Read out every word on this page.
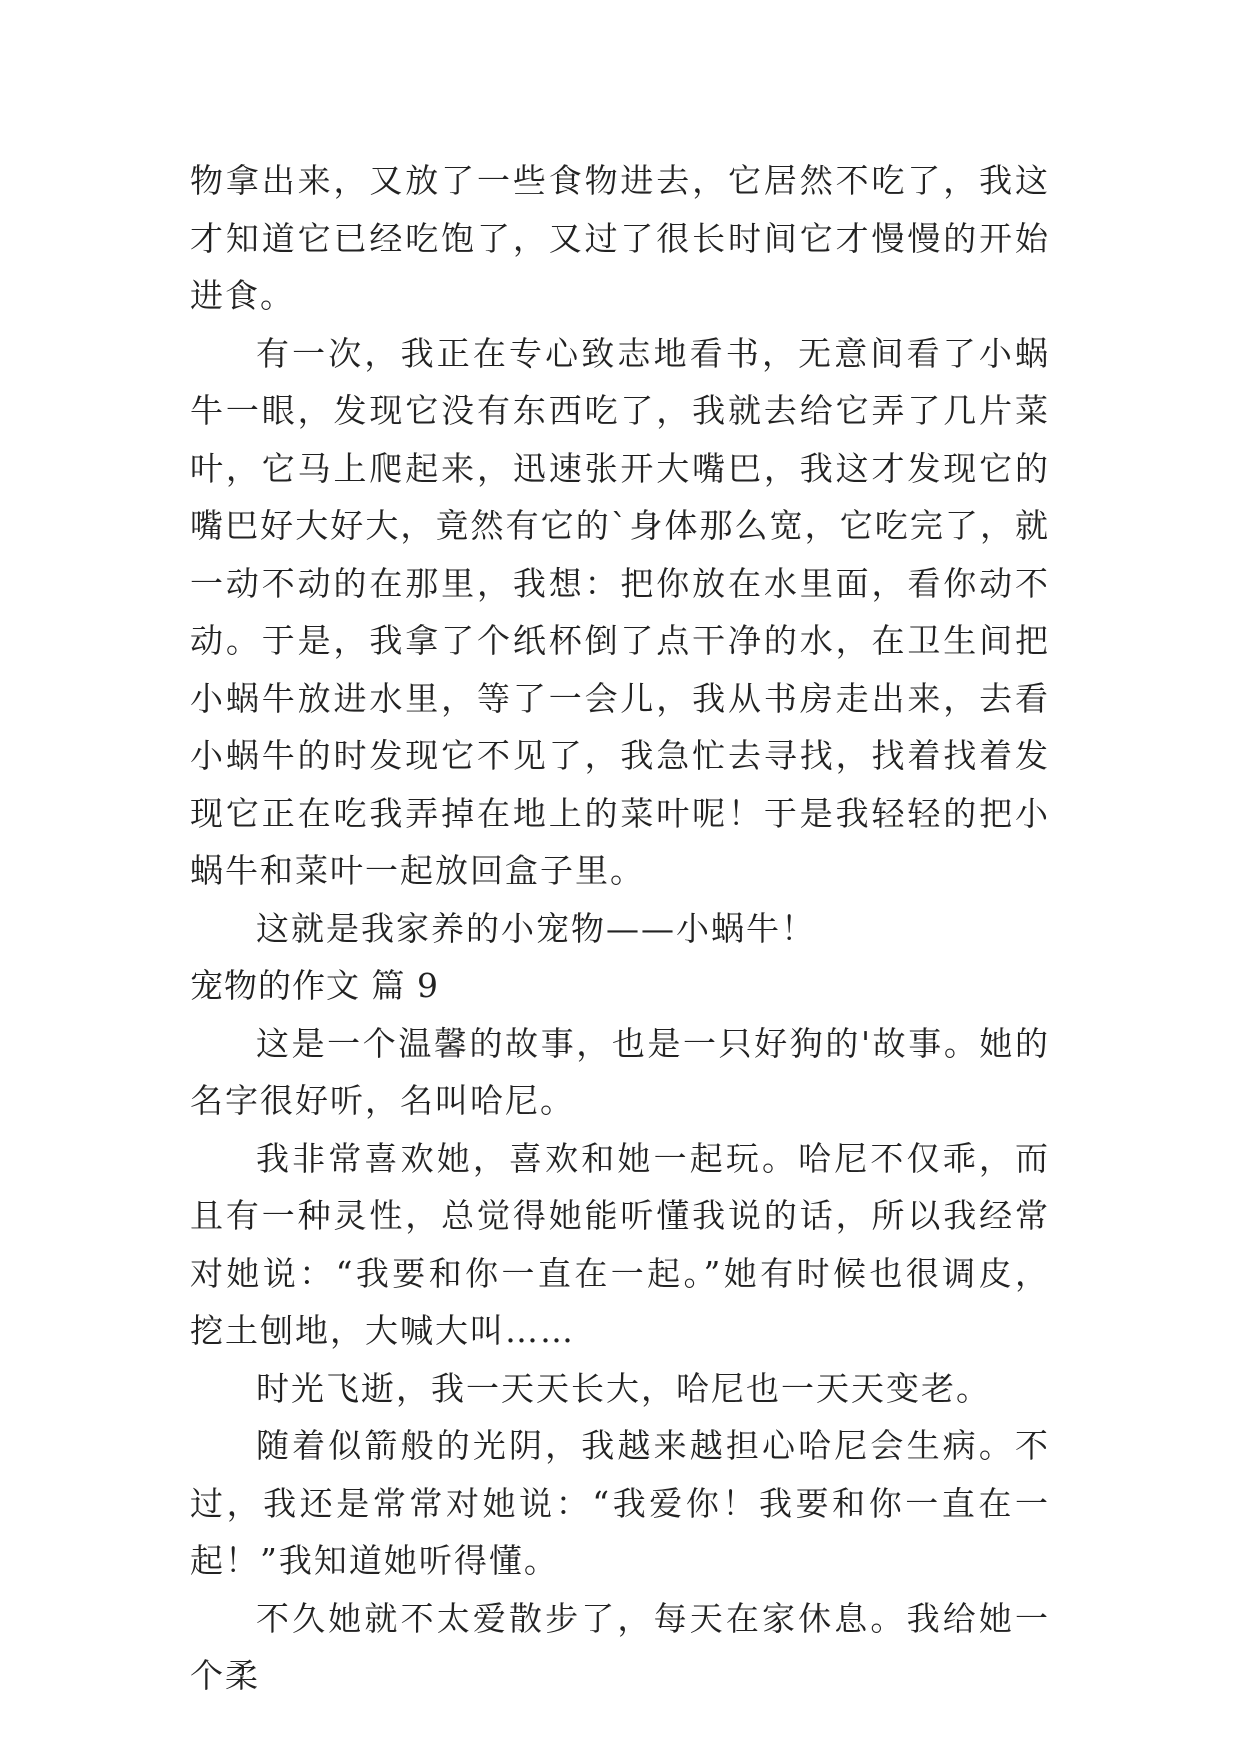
物拿出来，又放了一些食物进去，它居然不吃了，我这才知道它已经吃饱了，又过了很长时间它才慢慢的开始进食。

有一次，我正在专心致志地看书，无意间看了小蜗牛一眼，发现它没有东西吃了，我就去给它弄了几片菜叶，它马上爬起来，迅速张开大嘴巴，我这才发现它的嘴巴好大好大，竟然有它的`身体那么宽，它吃完了，就一动不动的在那里，我想：把你放在水里面，看你动不动。于是，我拿了个纸杯倒了点干净的水，在卫生间把小蜗牛放进水里，等了一会儿，我从书房走出来，去看小蜗牛的时发现它不见了，我急忙去寻找，找着找着发现它正在吃我弄掉在地上的菜叶呢！于是我轻轻的把小蜗牛和菜叶一起放回盒子里。

这就是我家养的小宠物——小蜗牛！

宠物的作文 篇 9

这是一个温馨的故事，也是一只好狗的'故事。她的名字很好听，名叫哈尼。

我非常喜欢她，喜欢和她一起玩。哈尼不仅乖，而且有一种灵性，总觉得她能听懂我说的话，所以我经常对她说：“我要和你一直在一起。”她有时候也很调皮，挖土刨地，大喊大叫……

时光飞逝，我一天天长大，哈尼也一天天变老。

随着似箭般的光阴，我越来越担心哈尼会生病。不过，我还是常常对她说：“我爱你！我要和你一直在一起！”我知道她听得懂。

不久她就不太爱散步了，每天在家休息。我给她一个柔
